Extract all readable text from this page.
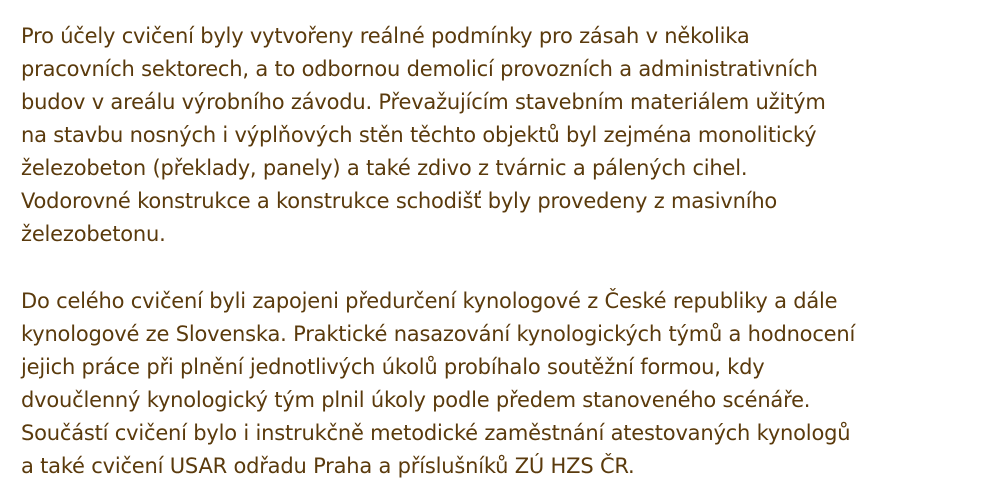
Pro účely cvičení byly vytvořeny reálné podmínky pro zásah v několika
pracovních sektorech, a to odbornou demolicí provozních a administrativních
budov v areálu výrobního závodu. Převažujícím stavebním materiálem užitým
na stavbu nosných i výplňových stěn těchto objektů byl zejména monolitický
železobeton (překlady, panely) a také zdivo z tvárnic a pálených cihel.
Vodorovné konstrukce a konstrukce schodišť byly provedeny z masivního
železobetonu.

Do celého cvičení byli zapojeni předurčení kynologové z České republiky a dále
kynologové ze Slovenska. Praktické nasazování kynologických týmů a hodnocení
jejich práce při plnění jednotlivých úkolů probíhalo soutěžní formou, kdy
dvoučlenný kynologický tým plnil úkoly podle předem stanoveného scénáře.
Součástí cvičení bylo i instrukčně metodické zaměstnání atestovaných kynologů
a také cvičení USAR odřadu Praha a příslušníků ZÚ HZS ČR.
